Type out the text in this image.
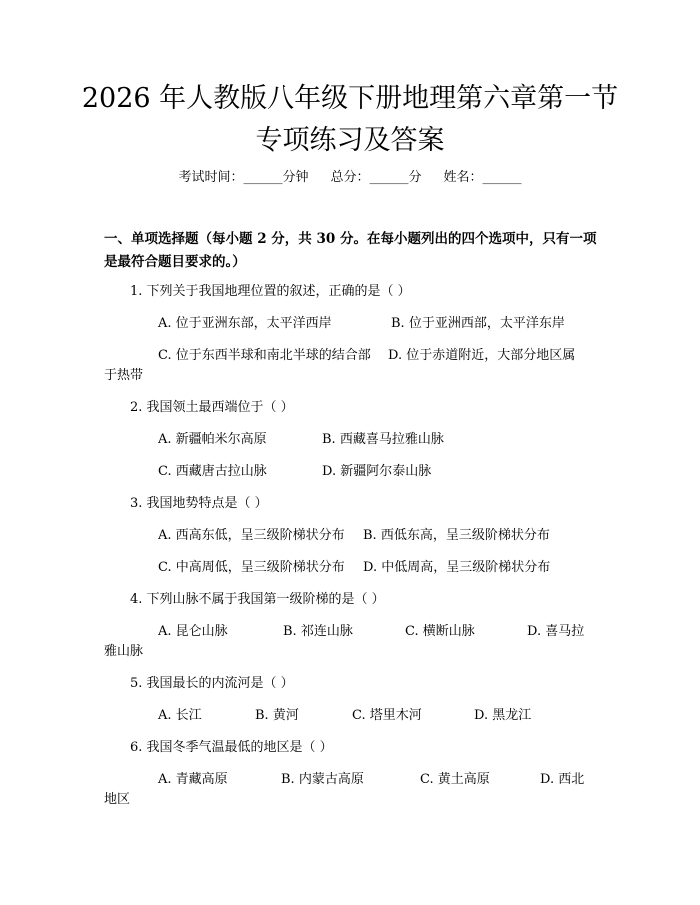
2026 年人教版八年级下册地理第六章第一节
专项练习及答案
考试时间：______分钟 总分：______分 姓名：______
一、单项选择题（每小题 2 分，共 30 分。在每小题列出的四个选项中，只有一项
是最符合题目要求的。）
1. 下列关于我国地理位置的叙述，正确的是（ ）
A. 位于亚洲东部，太平洋西岸	B. 位于亚洲西部，太平洋东岸
C. 位于东西半球和南北半球的结合部 D. 位于赤道附近，大部分地区属
于热带
2. 我国领土最西端位于（ ）
A. 新疆帕米尔高原	B. 西藏喜马拉雅山脉
C. 西藏唐古拉山脉	D. 新疆阿尔泰山脉
3. 我国地势特点是（ ）
A. 西高东低，呈三级阶梯状分布 B. 西低东高，呈三级阶梯状分布
C. 中高周低，呈三级阶梯状分布 D. 中低周高，呈三级阶梯状分布
4. 下列山脉不属于我国第一级阶梯的是（ ）
A. 昆仑山脉	B. 祁连山脉	C. 横断山脉	D. 喜马拉
雅山脉
5. 我国最长的内流河是（ ）
A. 长江	B. 黄河	C. 塔里木河	D. 黑龙江
6. 我国冬季气温最低的地区是（ ）
A. 青藏高原	B. 内蒙古高原	C. 黄土高原	D. 西北
地区
